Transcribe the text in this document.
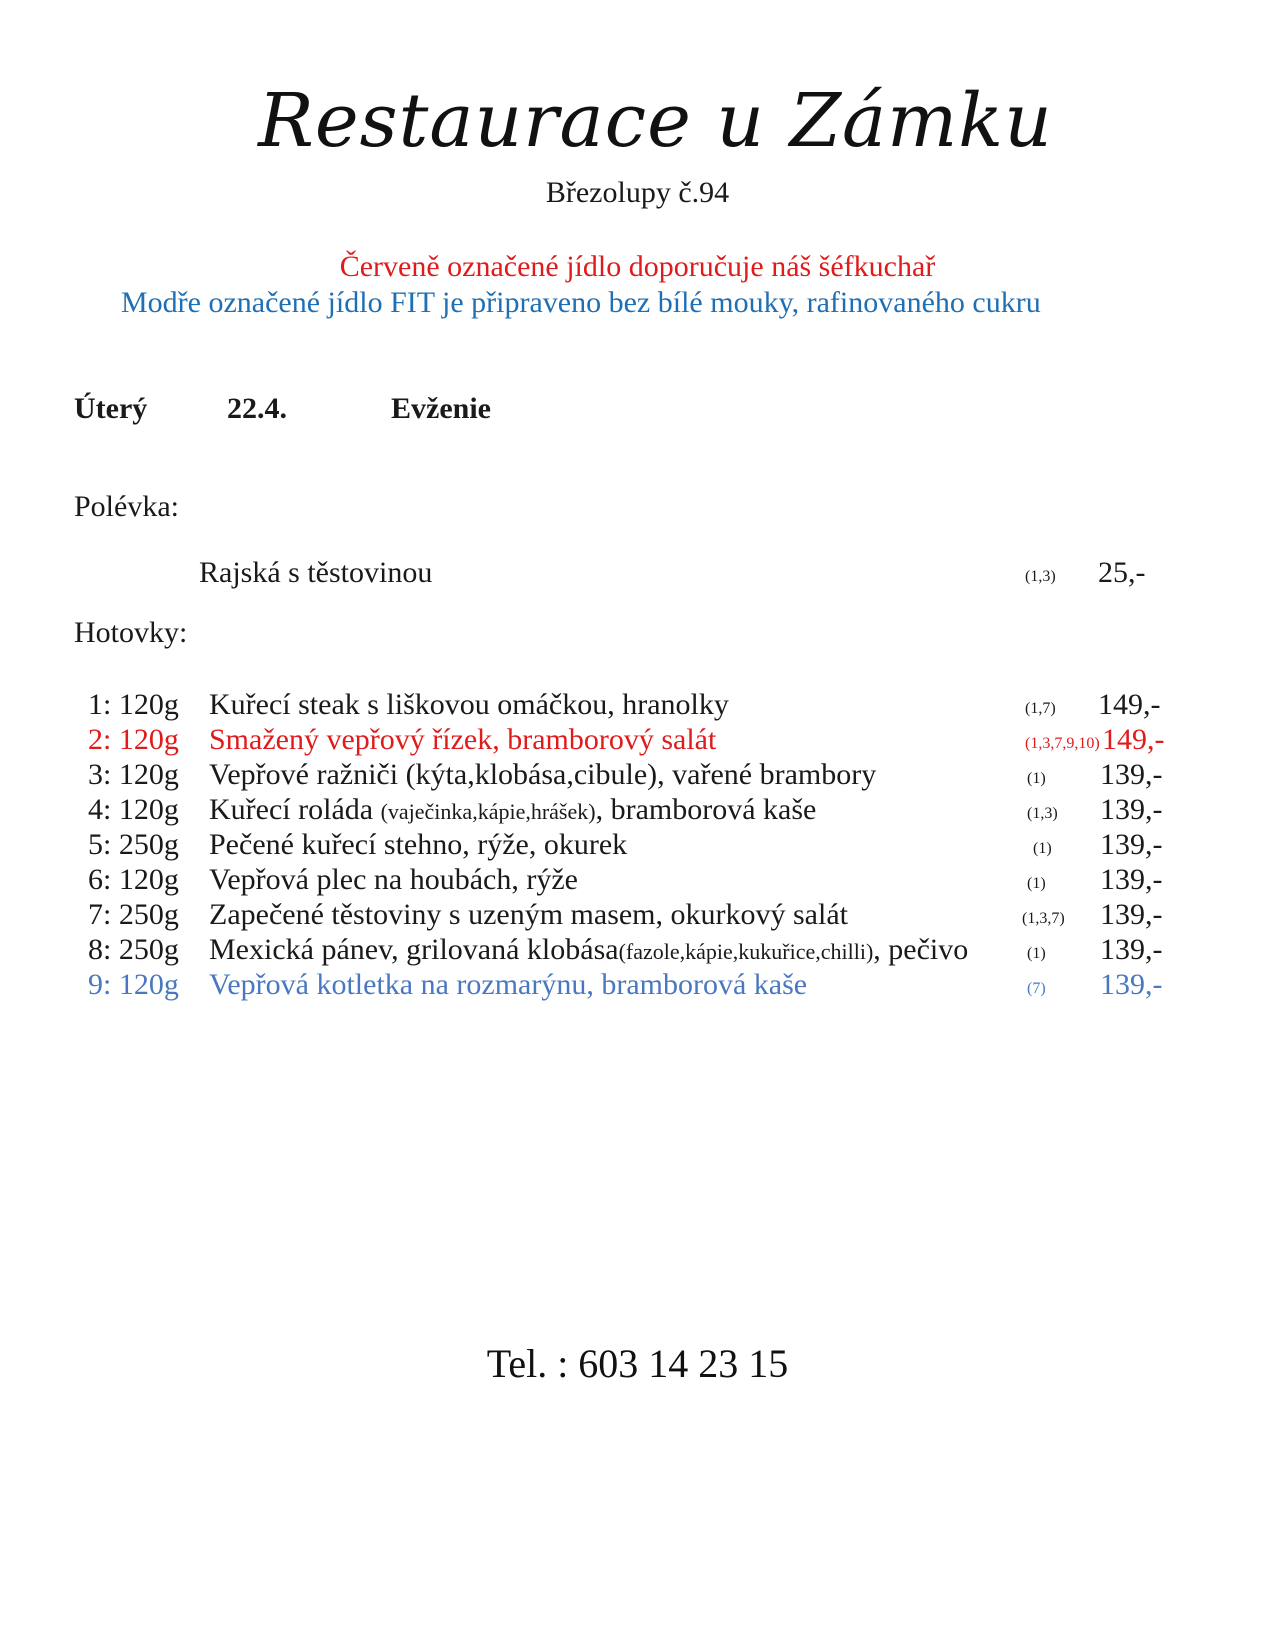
Restaurace u Zámku
Březolupy č.94
Červeně označené jídlo doporučuje náš šéfkuchař
Modře označené jídlo FIT je připraveno bez bílé mouky, rafinovaného cukru
Úterý	22.4.	Evženie
Polévka:
Rajská s těstovinou	(1,3) 25,-
Hotovky:
1: 120g Kuřecí steak s liškovou omáčkou, hranolky	(1,7) 149,-
2: 120g Smažený vepřový řízek, bramborový salát	(1,3,7,9,10) 149,-
3: 120g Vepřové ražniči (kýta,klobása,cibule), vařené brambory	(1) 139,-
4: 120g Kuřecí roláda (vaječinka,kápie,hrášek), bramborová kaše	(1,3) 139,-
5: 250g Pečené kuřecí stehno, rýže, okurek	(1) 139,-
6: 120g Vepřová plec na houbách, rýže	(1) 139,-
7: 250g Zapečené těstoviny s uzeným masem, okurkový salát	(1,3,7) 139,-
8: 250g Mexická pánev, grilovaná klobása(fazole,kápie,kukuřice,chilli), pečivo	(1) 139,-
9: 120g Vepřová kotletka na rozmarýnu, bramborová kaše	(7) 139,-
Tel. : 603 14 23 15
